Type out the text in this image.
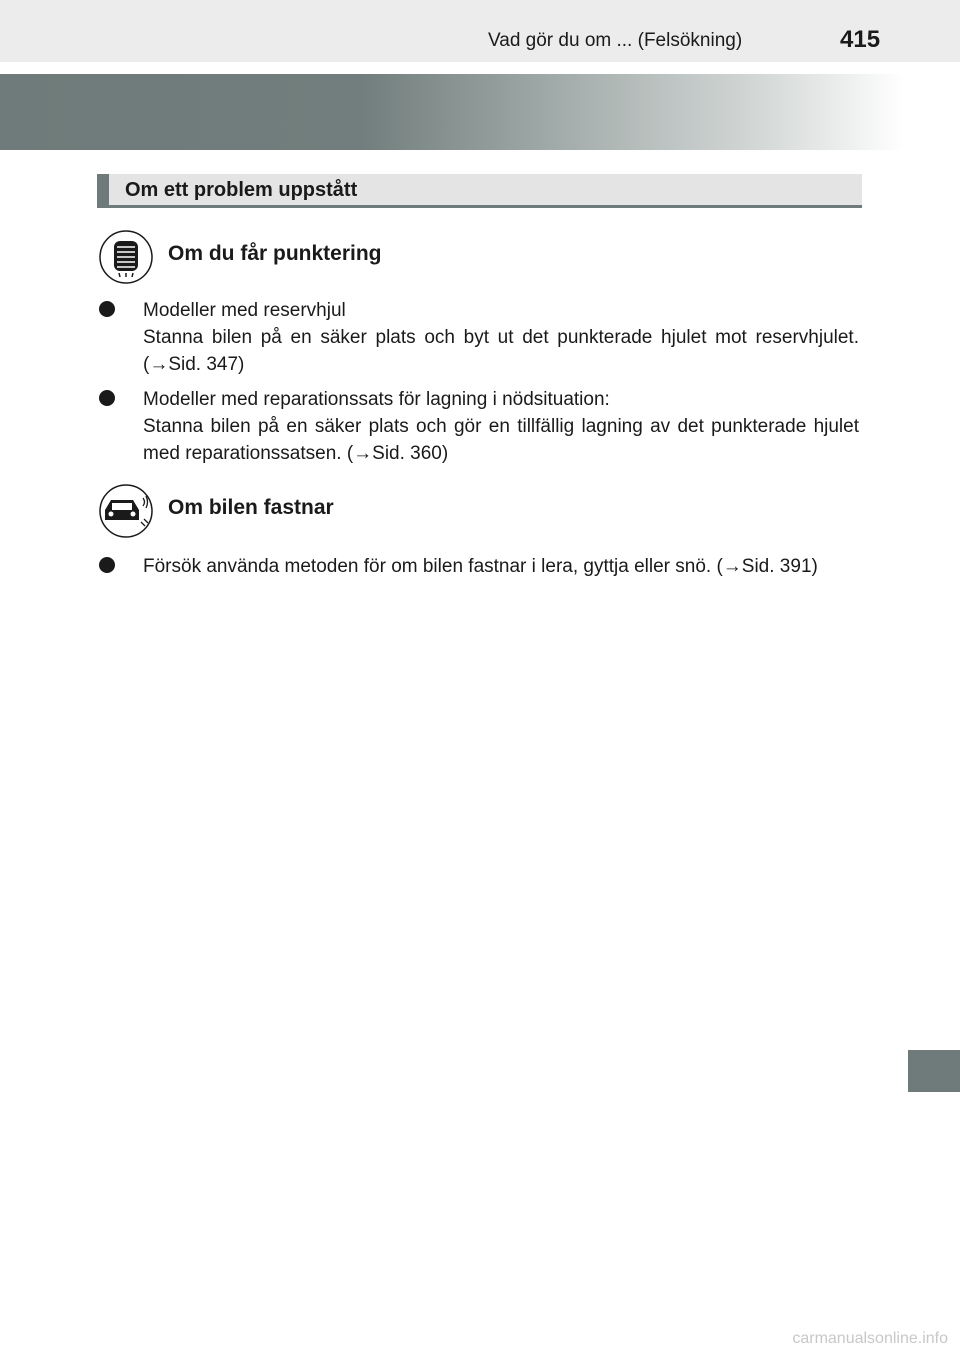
Vad gör du om ... (Felsökning)	415
Om ett problem uppstått
Om du får punktering
Modeller med reservhjul
Stanna bilen på en säker plats och byt ut det punkterade hjulet mot reservhjulet. (→Sid. 347)
Modeller med reparationssats för lagning i nödsituation:
Stanna bilen på en säker plats och gör en tillfällig lagning av det punkterade hjulet med reparationssatsen. (→Sid. 360)
Om bilen fastnar
Försök använda metoden för om bilen fastnar i lera, gyttja eller snö. (→Sid. 391)
carmanualsonline.info
